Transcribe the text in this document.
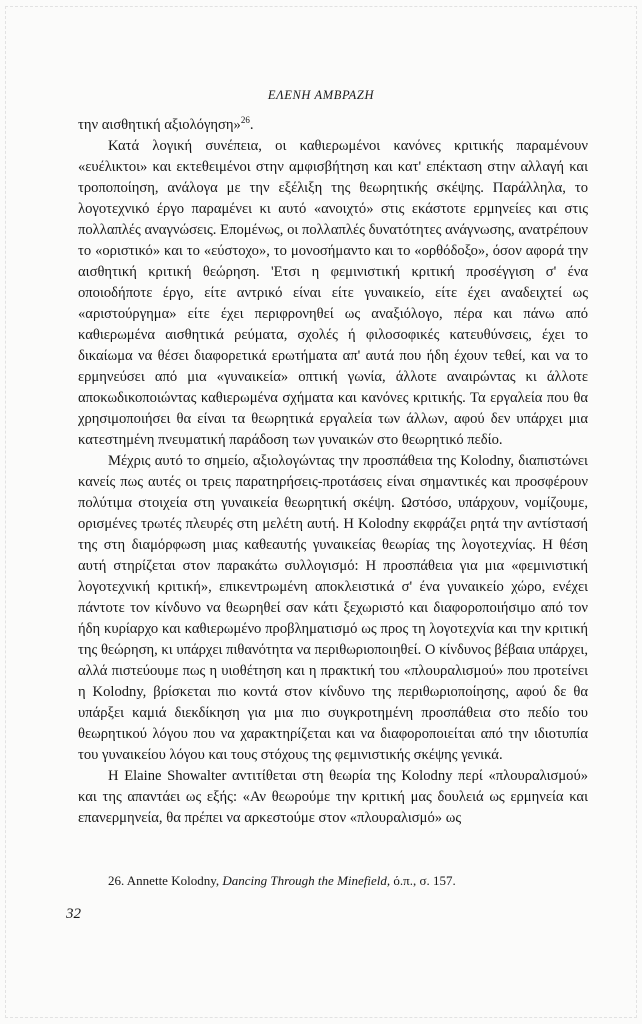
ΕΛΕΝΗ ΑΜΒΡΑΖΗ

την αισθητική αξιολόγηση»$^{26}$.

Κατά λογική συνέπεια, οι καθιερωμένοι κανόνες κριτικής παραμένουν «ευέλικτοι» και εκτεθειμένοι στην αμφισβήτηση και κατ' επέκταση στην αλλαγή και τροποποίηση, ανάλογα με την εξέλιξη της θεωρητικής σκέψης. Παράλληλα, το λογοτεχνικό έργο παραμένει κι αυτό «ανοιχτό» στις εκάστοτε ερμηνείες και στις πολλαπλές αναγνώσεις. Επομένως, οι πολλαπλές δυνατότητες ανάγνωσης, ανατρέπουν το «οριστικό» και το «εύστοχο», το μονοσήμαντο και το «ορθόδοξο», όσον αφορά την αισθητική κριτική θεώρηση. 'Ετσι η φεμινιστική κριτική προσέγγιση σ' ένα οποιοδήποτε έργο, είτε αντρικό είναι είτε γυναικείο, είτε έχει αναδειχτεί ως «αριστούργημα» είτε έχει περιφρονηθεί ως αναξιόλογο, πέρα και πάνω από καθιερωμένα αισθητικά ρεύματα, σχολές ή φιλοσοφικές κατευθύνσεις, έχει το δικαίωμα να θέσει διαφορετικά ερωτήματα απ' αυτά που ήδη έχουν τεθεί, και να το ερμηνεύσει από μια «γυναικεία» οπτική γωνία, άλλοτε αναιρώντας κι άλλοτε αποκωδικοποιώντας καθιερωμένα σχήματα και κανόνες κριτικής. Τα εργαλεία που θα χρησιμοποιήσει θα είναι τα θεωρητικά εργαλεία των άλλων, αφού δεν υπάρχει μια κατεστημένη πνευματική παράδοση των γυναικών στο θεωρητικό πεδίο.

Μέχρις αυτό το σημείο, αξιολογώντας την προσπάθεια της Kolodny, διαπιστώνει κανείς πως αυτές οι τρεις παρατηρήσεις-προτάσεις είναι σημαντικές και προσφέρουν πολύτιμα στοιχεία στη γυναικεία θεωρητική σκέψη. Ωστόσο, υπάρχουν, νομίζουμε, ορισμένες τρωτές πλευρές στη μελέτη αυτή. Η Kolodny εκφράζει ρητά την αντίστασή της στη διαμόρφωση μιας καθεαυτής γυναικείας θεωρίας της λογοτεχνίας. Η θέση αυτή στηρίζεται στον παρακάτω συλλογισμό: Η προσπάθεια για μια «φεμινιστική λογοτεχνική κριτική», επικεντρωμένη αποκλειστικά σ' ένα γυναικείο χώρο, ενέχει πάντοτε τον κίνδυνο να θεωρηθεί σαν κάτι ξεχωριστό και διαφοροποιήσιμο από τον ήδη κυρίαρχο και καθιερωμένο προβληματισμό ως προς τη λογοτεχνία και την κριτική της θεώρηση, κι υπάρχει πιθανότητα να περιθωριοποιηθεί. Ο κίνδυνος βέβαια υπάρχει, αλλά πιστεύουμε πως η υιοθέτηση και η πρακτική του «πλουραλισμού» που προτείνει η Kolodny, βρίσκεται πιο κοντά στον κίνδυνο της περιθωριοποίησης, αφού δε θα υπάρξει καμιά διεκδίκηση για μια πιο συγκροτημένη προσπάθεια στο πεδίο του θεωρητικού λόγου που να χαρακτηρίζεται και να διαφοροποιείται από την ιδιοτυπία του γυναικείου λόγου και τους στόχους της φεμινιστικής σκέψης γενικά.

Η Elaine Showalter αντιτίθεται στη θεωρία της Kolodny περί «πλουραλισμού» και της απαντάει ως εξής: «Αν θεωρούμε την κριτική μας δουλειά ως ερμηνεία και επανερμηνεία, θα πρέπει να αρκεστούμε στον «πλουραλισμό» ως

26. Annette Kolodny, Dancing Through the Minefield, ό.π., σ. 157.
32
